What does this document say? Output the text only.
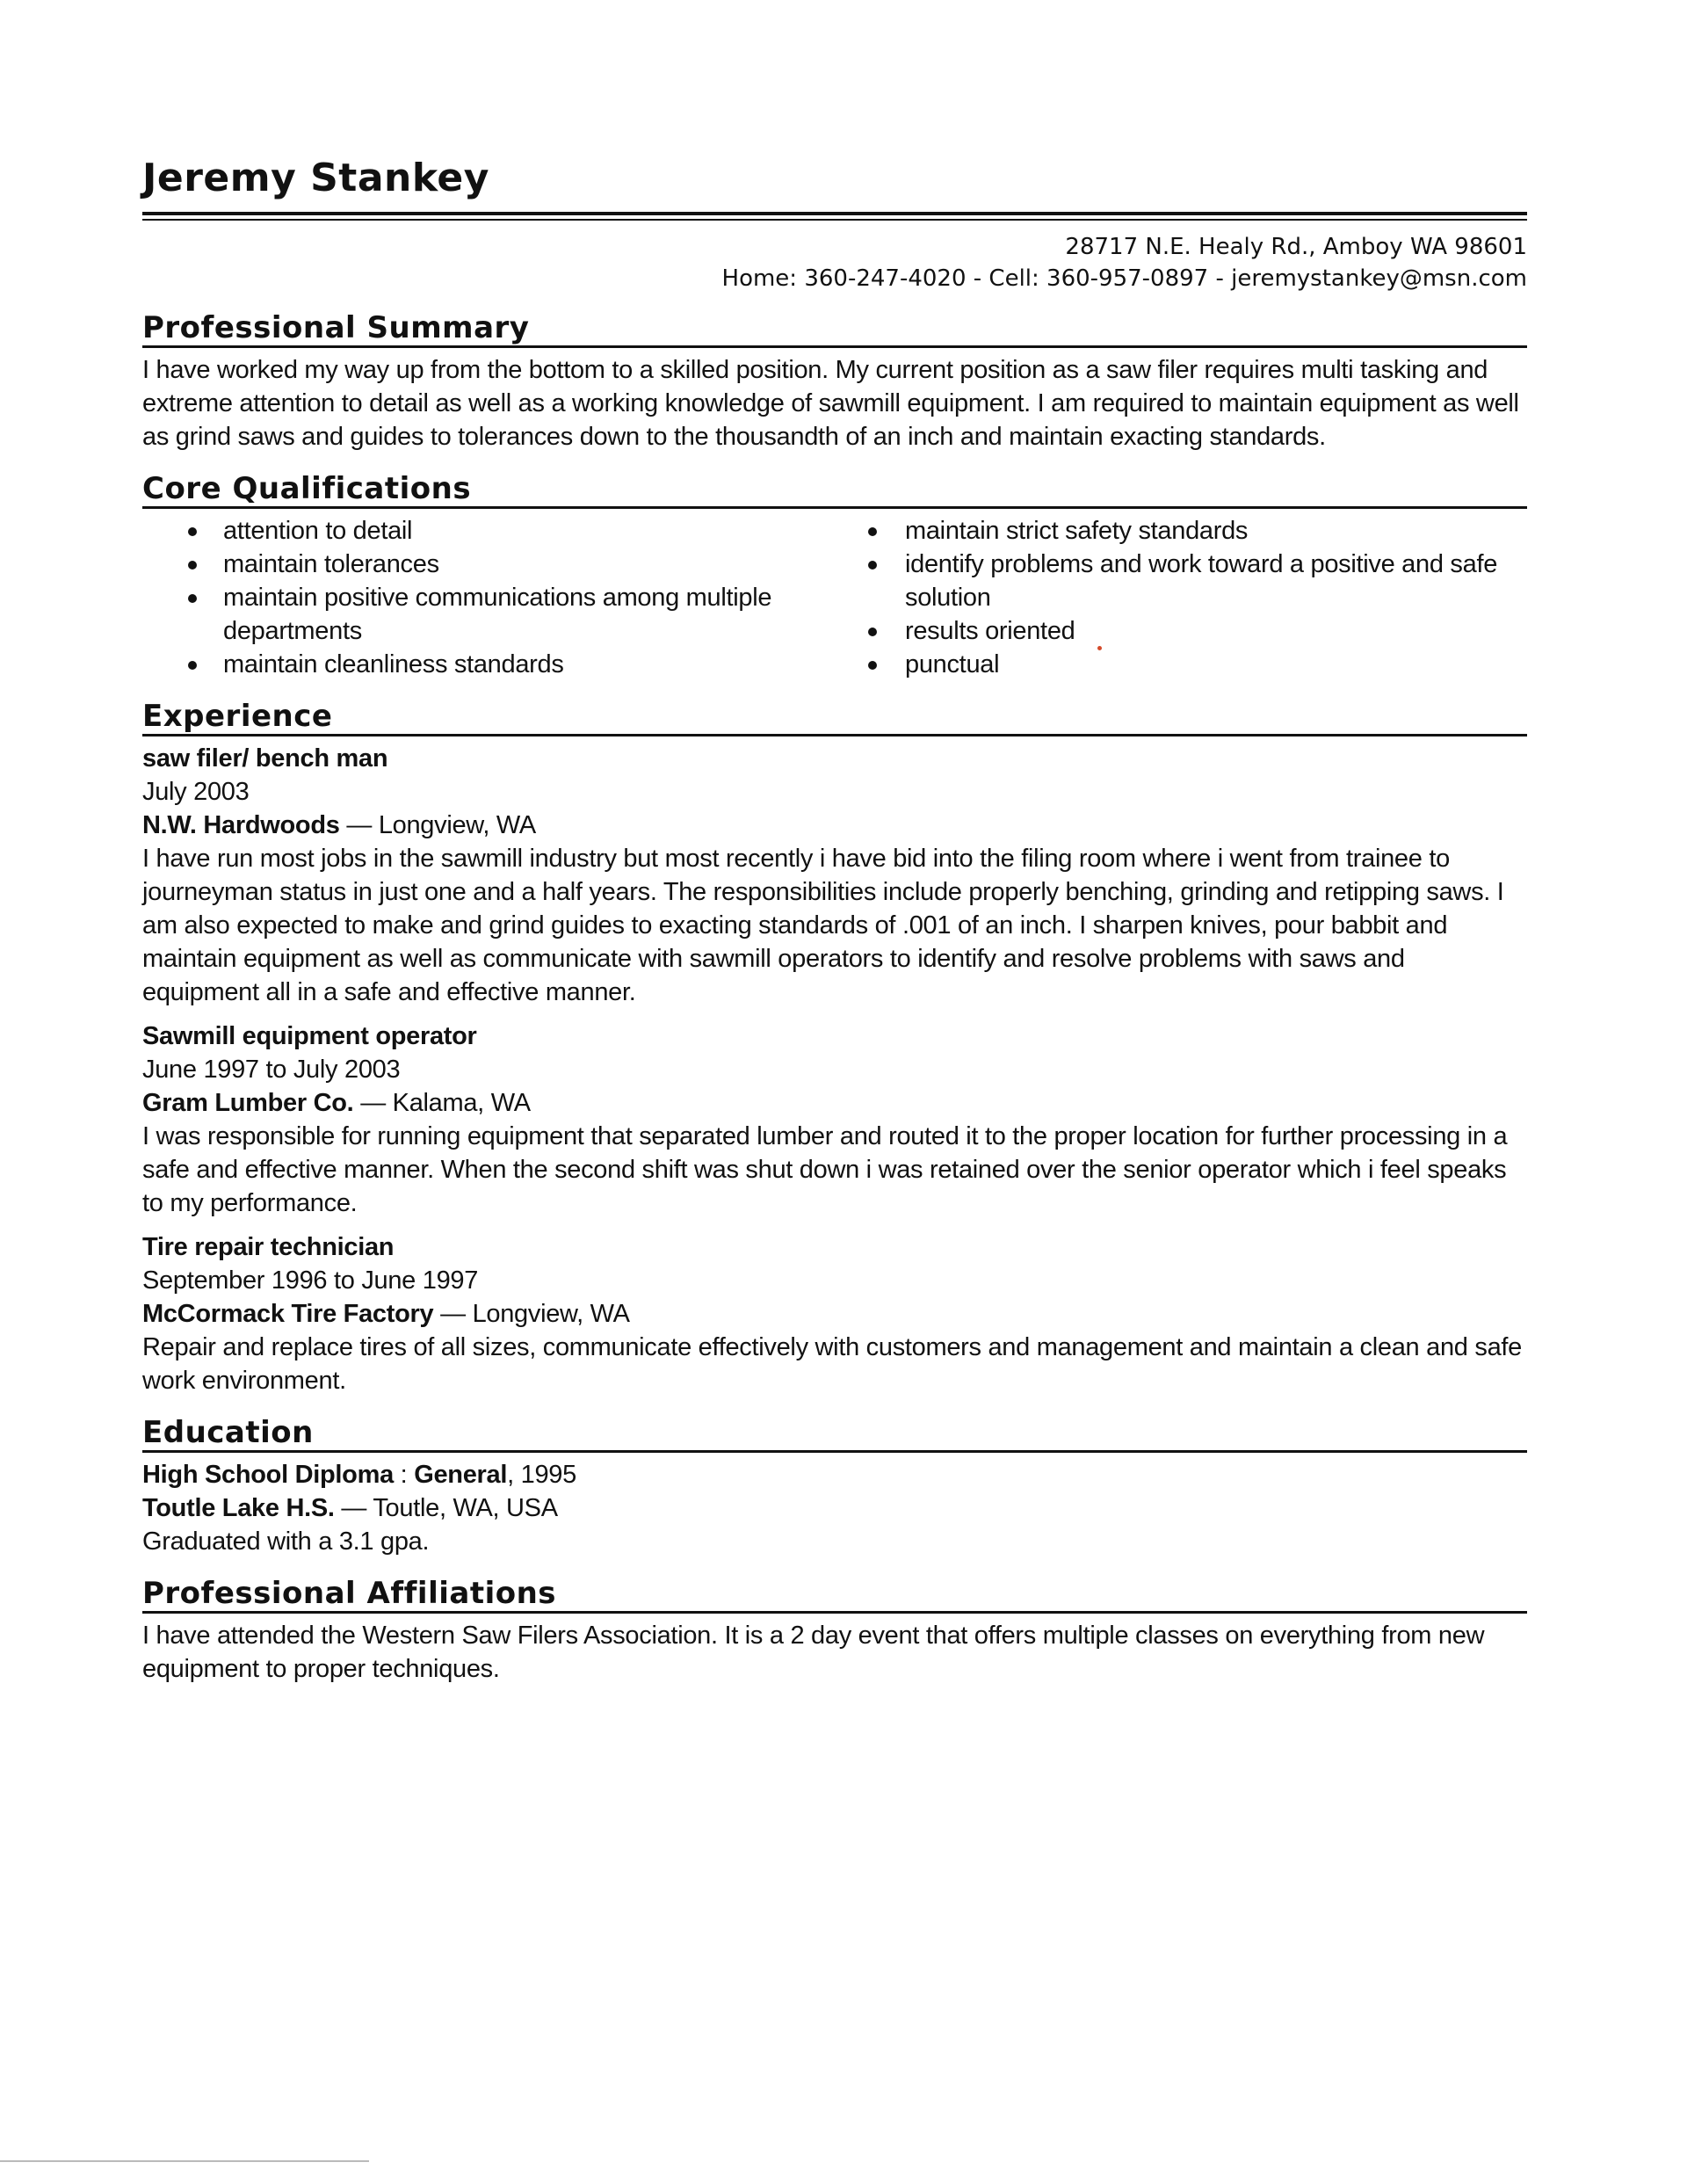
Jeremy Stankey
28717 N.E. Healy Rd., Amboy WA 98601
Home: 360-247-4020 - Cell: 360-957-0897 - jeremystankey@msn.com
Professional Summary

I have worked my way up from the bottom to a skilled position. My current position as a saw filer requires multi tasking and extreme attention to detail as well as a working knowledge of sawmill equipment. I am required to maintain equipment as well as grind saws and guides to tolerances down to the thousandth of an inch and maintain exacting standards.

Core Qualifications
attention to detail
maintain tolerances
maintain positive communications among multiple departments
maintain cleanliness standards
maintain strict safety standards
identify problems and work toward a positive and safe solution
results oriented
punctual
Experience
saw filer/ bench man
July 2003
N.W. Hardwoods — Longview, WA

I have run most jobs in the sawmill industry but most recently i have bid into the filing room where i went from trainee to journeyman status in just one and a half years. The responsibilities include properly benching, grinding and retipping saws. I am also expected to make and grind guides to exacting standards of .001 of an inch. I sharpen knives, pour babbit and maintain equipment as well as communicate with sawmill operators to identify and resolve problems with saws and equipment all in a safe and effective manner.

Sawmill equipment operator
June 1997 to July 2003
Gram Lumber Co. — Kalama, WA

I was responsible for running equipment that separated lumber and routed it to the proper location for further processing in a safe and effective manner. When the second shift was shut down i was retained over the senior operator which i feel speaks to my performance.

Tire repair technician
September 1996 to June 1997
McCormack Tire Factory — Longview, WA

Repair and replace tires of all sizes, communicate effectively with customers and management and maintain a clean and safe work environment.

Education
High School Diploma : General, 1995
Toutle Lake H.S. — Toutle, WA, USA
Graduated with a 3.1 gpa.
Professional Affiliations

I have attended the Western Saw Filers Association. It is a 2 day event that offers multiple classes on everything from new equipment to proper techniques.
